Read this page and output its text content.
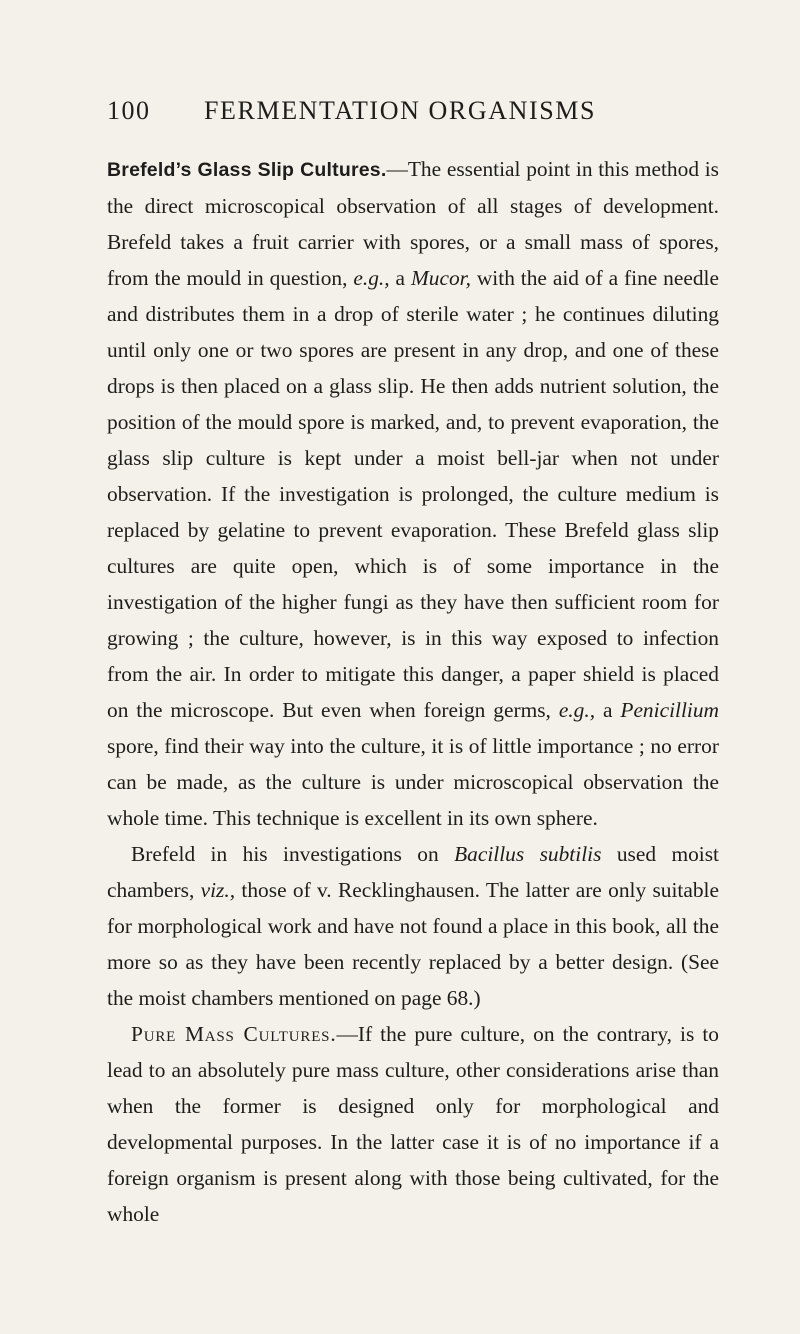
100 FERMENTATION ORGANISMS

Brefeld’s Glass Slip Cultures.—The essential point in this method is the direct microscopical observation of all stages of development. Brefeld takes a fruit carrier with spores, or a small mass of spores, from the mould in question, e.g., a Mucor, with the aid of a fine needle and distributes them in a drop of sterile water ; he continues diluting until only one or two spores are present in any drop, and one of these drops is then placed on a glass slip. He then adds nutrient solution, the position of the mould spore is marked, and, to prevent evaporation, the glass slip culture is kept under a moist bell-jar when not under observation. If the investigation is prolonged, the culture medium is replaced by gelatine to prevent evaporation. These Brefeld glass slip cultures are quite open, which is of some importance in the investigation of the higher fungi as they have then sufficient room for growing ; the culture, however, is in this way exposed to infection from the air. In order to mitigate this danger, a paper shield is placed on the microscope. But even when foreign germs, e.g., a Penicillium spore, find their way into the culture, it is of little importance ; no error can be made, as the culture is under microscopical observation the whole time. This technique is excellent in its own sphere.

Brefeld in his investigations on Bacillus subtilis used moist chambers, viz., those of v. Recklinghausen. The latter are only suitable for morphological work and have not found a place in this book, all the more so as they have been recently replaced by a better design. (See the moist chambers mentioned on page 68.)

Pure Mass Cultures.—If the pure culture, on the contrary, is to lead to an absolutely pure mass culture, other considerations arise than when the former is designed only for morphological and developmental purposes. In the latter case it is of no importance if a foreign organism is present along with those being cultivated, for the whole
